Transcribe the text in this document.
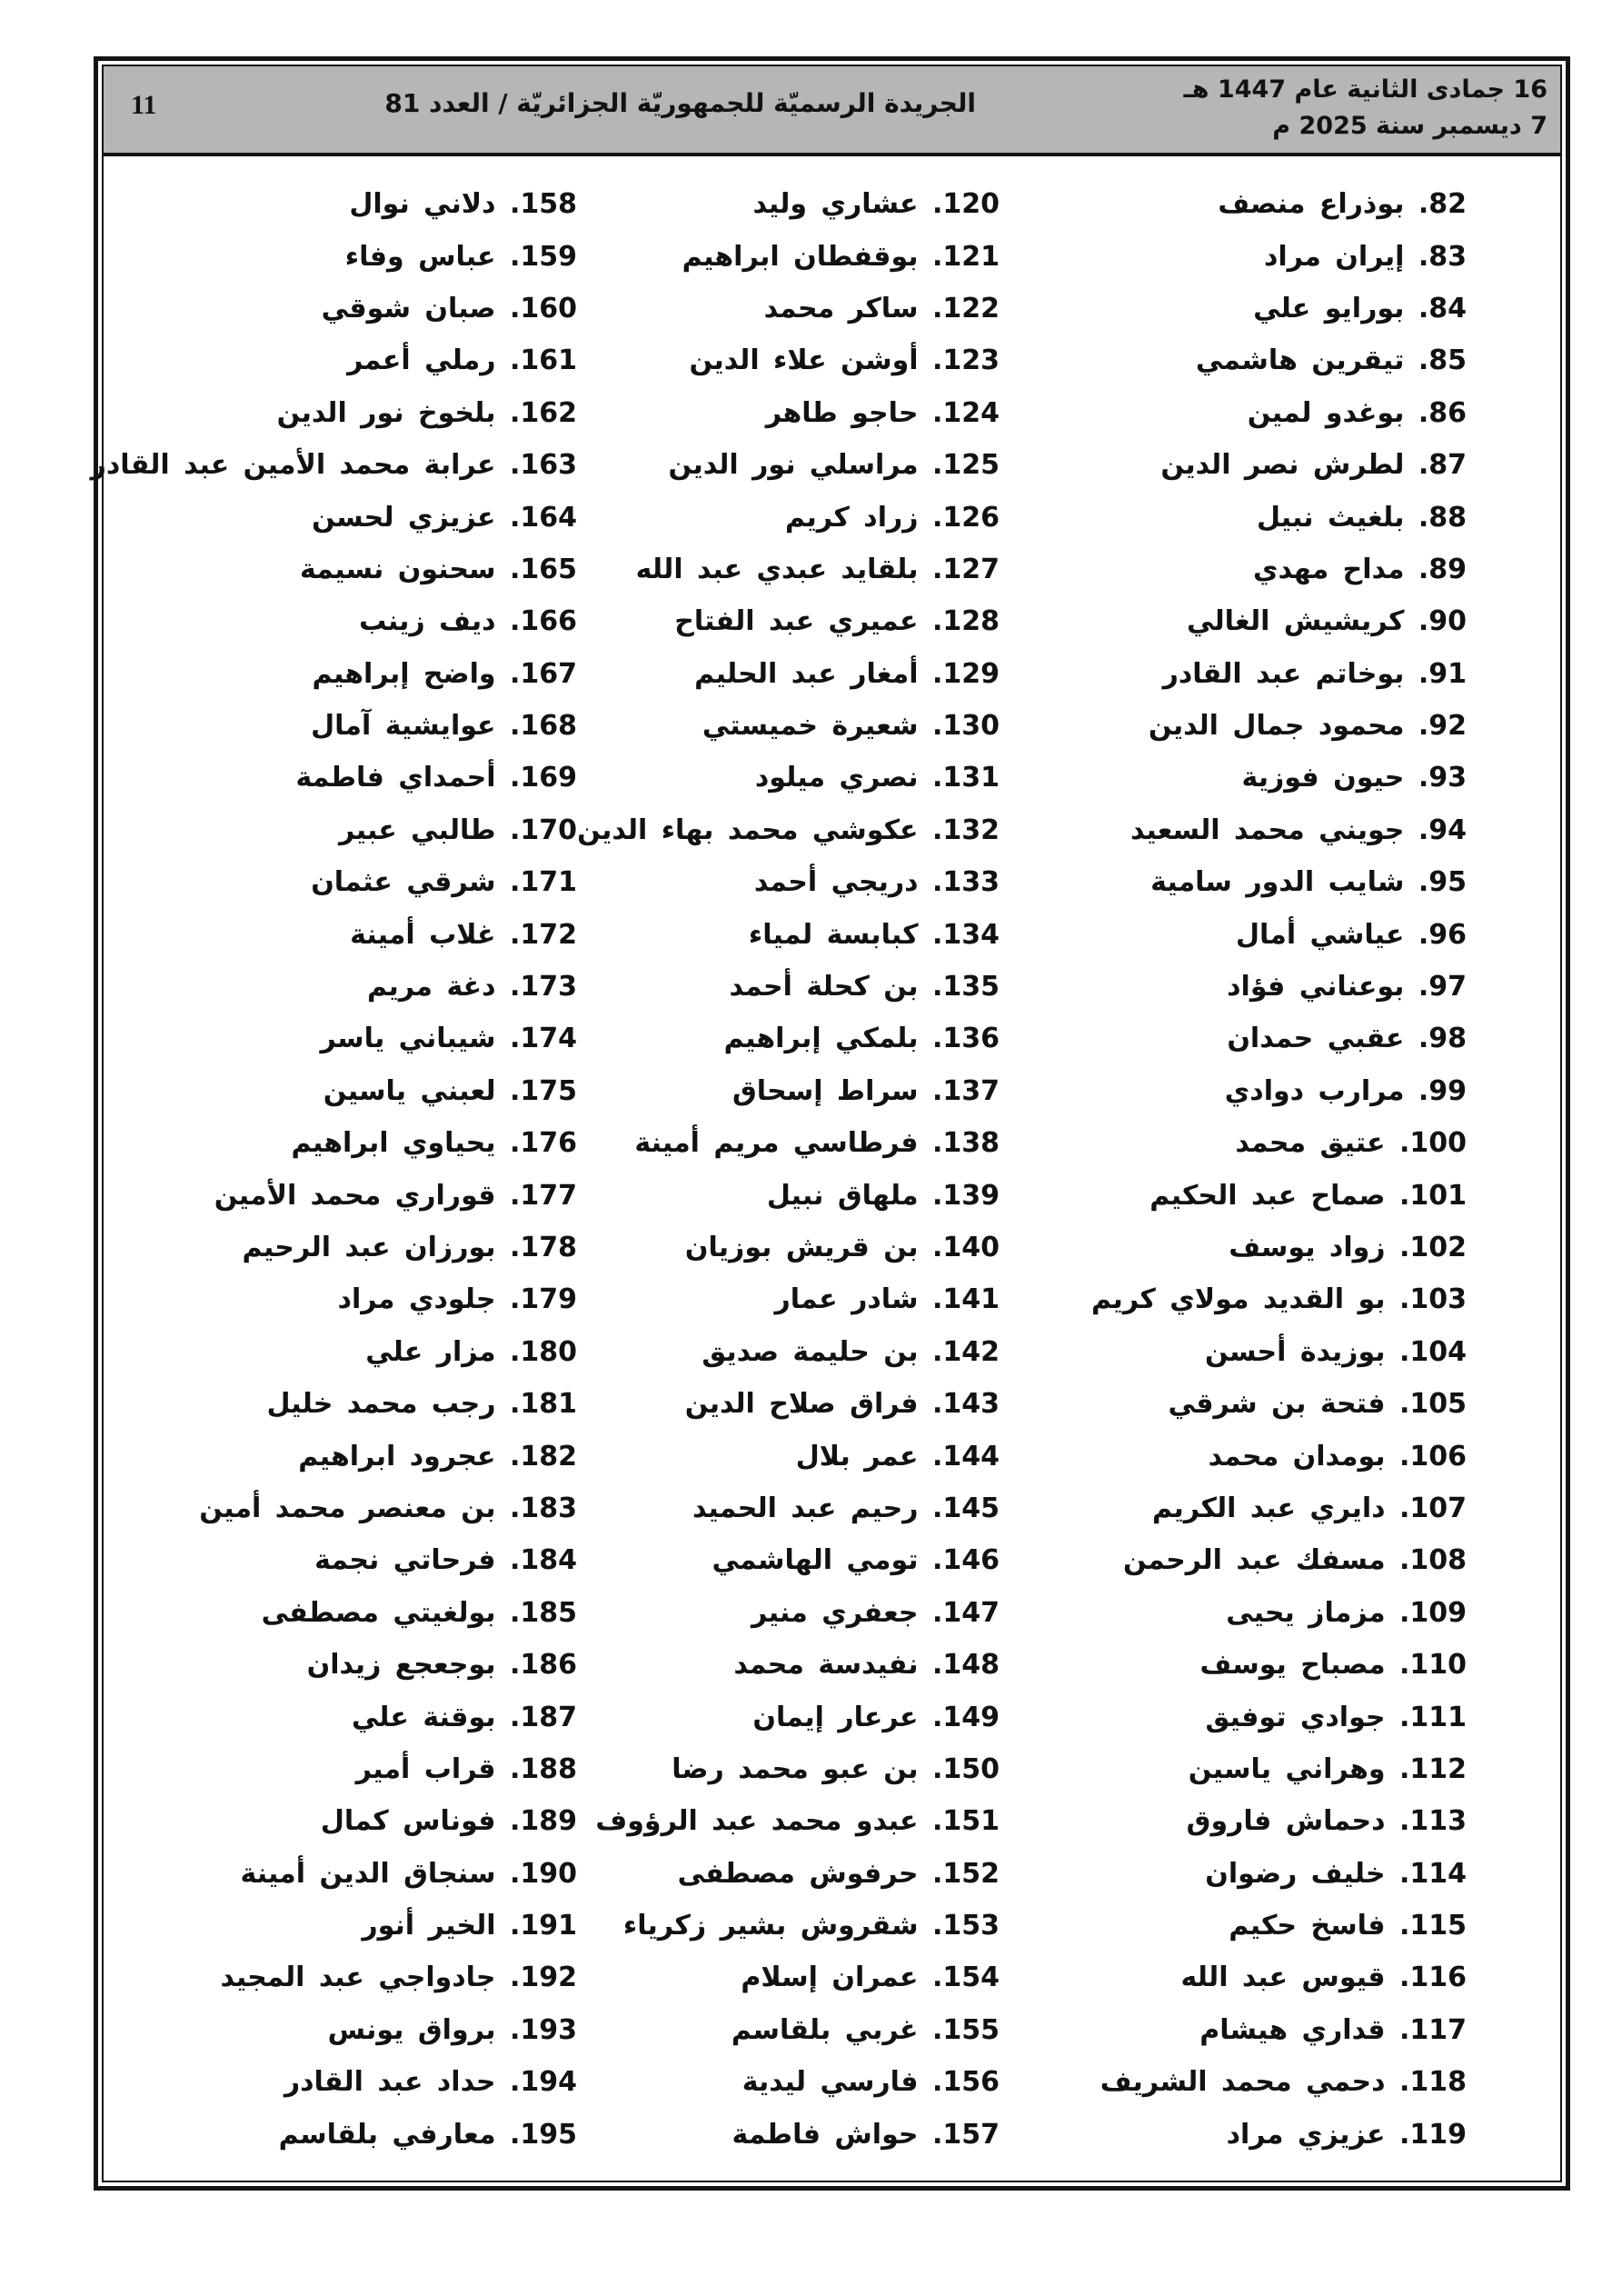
11	الجريدة الرسميّة للجمهوريّة الجزائريّة / العدد 81	16 جمادى الثانية عام 1447 هـ
7 ديسمبر سنة 2025 م
82. بوذراع منصف
83. إيران مراد
84. بورايو علي
85. تيقرين هاشمي
86. بوغدو لمين
87. لطرش نصر الدين
88. بلغيث نبيل
89. مداح مهدي
90. كريشيش الغالي
91. بوخاتم عبد القادر
92. محمود جمال الدين
93. حيون فوزية
94. جويني محمد السعيد
95. شايب الدور سامية
96. عياشي أمال
97. بوعناني فؤاد
98. عقبي حمدان
99. مرارب دوادي
100. عتيق محمد
101. صماح عبد الحكيم
102. زواد يوسف
103. بو القديد مولاي كريم
104. بوزيدة أحسن
105. فتحة بن شرقي
106. بومدان محمد
107. دايري عبد الكريم
108. مسفك عبد الرحمن
109. مزماز يحيى
110. مصباح يوسف
111. جوادي توفيق
112. وهراني ياسين
113. دحماش فاروق
114. خليف رضوان
115. فاسخ حكيم
116. قيوس عبد الله
117. قداري هيشام
118. دحمي محمد الشريف
119. عزيزي مراد
120. عشاري وليد
121. بوقفطان ابراهيم
122. ساكر محمد
123. أوشن علاء الدين
124. حاجو طاهر
125. مراسلي نور الدين
126. زراد كريم
127. بلقايد عبدي عبد الله
128. عميري عبد الفتاح
129. أمغار عبد الحليم
130. شعيرة خميستي
131. نصري ميلود
132. عكوشي محمد بهاء الدين
133. دريجي أحمد
134. كبابسة لمياء
135. بن كحلة أحمد
136. بلمكي إبراهيم
137. سراط إسحاق
138. فرطاسي مريم أمينة
139. ملهاق نبيل
140. بن قريش بوزيان
141. شادر عمار
142. بن حليمة صديق
143. فراق صلاح الدين
144. عمر بلال
145. رحيم عبد الحميد
146. تومي الهاشمي
147. جعفري منير
148. نفيدسة محمد
149. عرعار إيمان
150. بن عبو محمد رضا
151. عبدو محمد عبد الرؤوف
152. حرفوش مصطفى
153. شقروش بشير زكرياء
154. عمران إسلام
155. غربي بلقاسم
156. فارسي ليدية
157. حواش فاطمة
158. دلاني نوال
159. عباس وفاء
160. صبان شوقي
161. رملي أعمر
162. بلخوخ نور الدين
163. عرابة محمد الأمين عبد القادر
164. عزيزي لحسن
165. سحنون نسيمة
166. ديف زينب
167. واضح إبراهيم
168. عوايشية آمال
169. أحمداي فاطمة
170. طالبي عبير
171. شرقي عثمان
172. غلاب أمينة
173. دغة مريم
174. شيباني ياسر
175. لعبني ياسين
176. يحياوي ابراهيم
177. قوراري محمد الأمين
178. بورزان عبد الرحيم
179. جلودي مراد
180. مزار علي
181. رجب محمد خليل
182. عجرود ابراهيم
183. بن معنصر محمد أمين
184. فرحاتي نجمة
185. بولغيتي مصطفى
186. بوجعجع زيدان
187. بوقنة علي
188. قراب أمير
189. فوناس كمال
190. سنجاق الدين أمينة
191. الخير أنور
192. جادواجي عبد المجيد
193. برواق يونس
194. حداد عبد القادر
195. معارفي بلقاسم
